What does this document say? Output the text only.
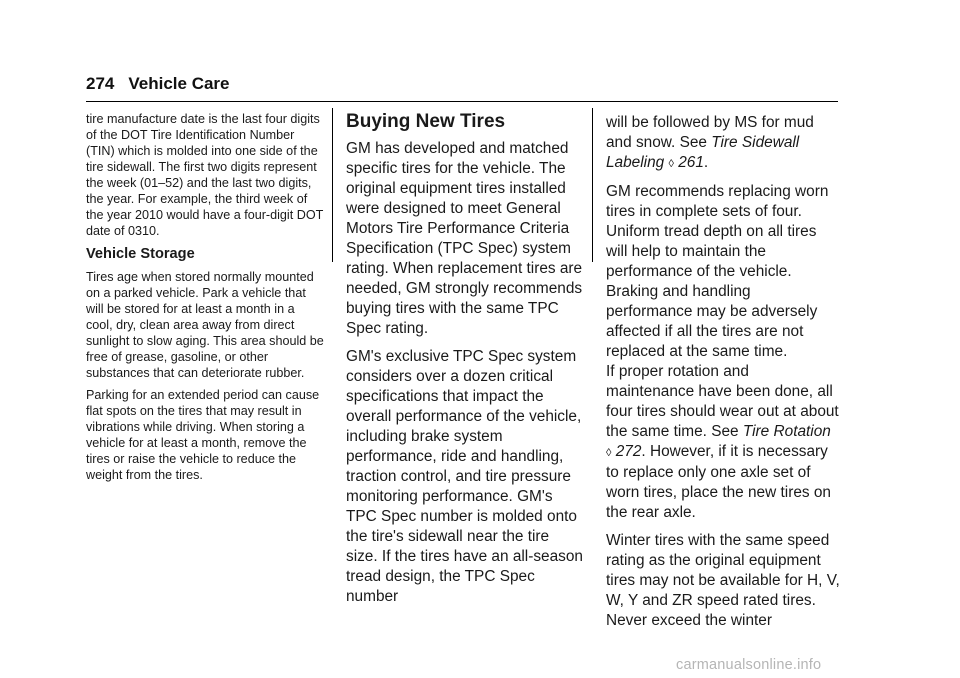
274 Vehicle Care

tire manufacture date is the last four digits of the DOT Tire Identification Number (TIN) which is molded into one side of the tire sidewall. The first two digits represent the week (01–52) and the last two digits, the year. For example, the third week of the year 2010 would have a four-digit DOT date of 0310.

Vehicle Storage

Tires age when stored normally mounted on a parked vehicle. Park a vehicle that will be stored for at least a month in a cool, dry, clean area away from direct sunlight to slow aging. This area should be free of grease, gasoline, or other substances that can deteriorate rubber.

Parking for an extended period can cause flat spots on the tires that may result in vibrations while driving. When storing a vehicle for at least a month, remove the tires or raise the vehicle to reduce the weight from the tires.

Buying New Tires

GM has developed and matched specific tires for the vehicle. The original equipment tires installed were designed to meet General Motors Tire Performance Criteria Specification (TPC Spec) system rating. When replacement tires are needed, GM strongly recommends buying tires with the same TPC Spec rating.

GM's exclusive TPC Spec system considers over a dozen critical specifications that impact the overall performance of the vehicle, including brake system performance, ride and handling, traction control, and tire pressure monitoring performance. GM's TPC Spec number is molded onto the tire's sidewall near the tire size. If the tires have an all-season tread design, the TPC Spec number

will be followed by MS for mud and snow. See Tire Sidewall Labeling ◊ 261.

GM recommends replacing worn tires in complete sets of four. Uniform tread depth on all tires will help to maintain the performance of the vehicle. Braking and handling performance may be adversely affected if all the tires are not replaced at the same time.
If proper rotation and maintenance have been done, all four tires should wear out at about the same time. See Tire Rotation ◊ 272. However, if it is necessary to replace only one axle set of worn tires, place the new tires on the rear axle.

Winter tires with the same speed rating as the original equipment tires may not be available for H, V, W, Y and ZR speed rated tires. Never exceed the winter

carmanualsonline.info
